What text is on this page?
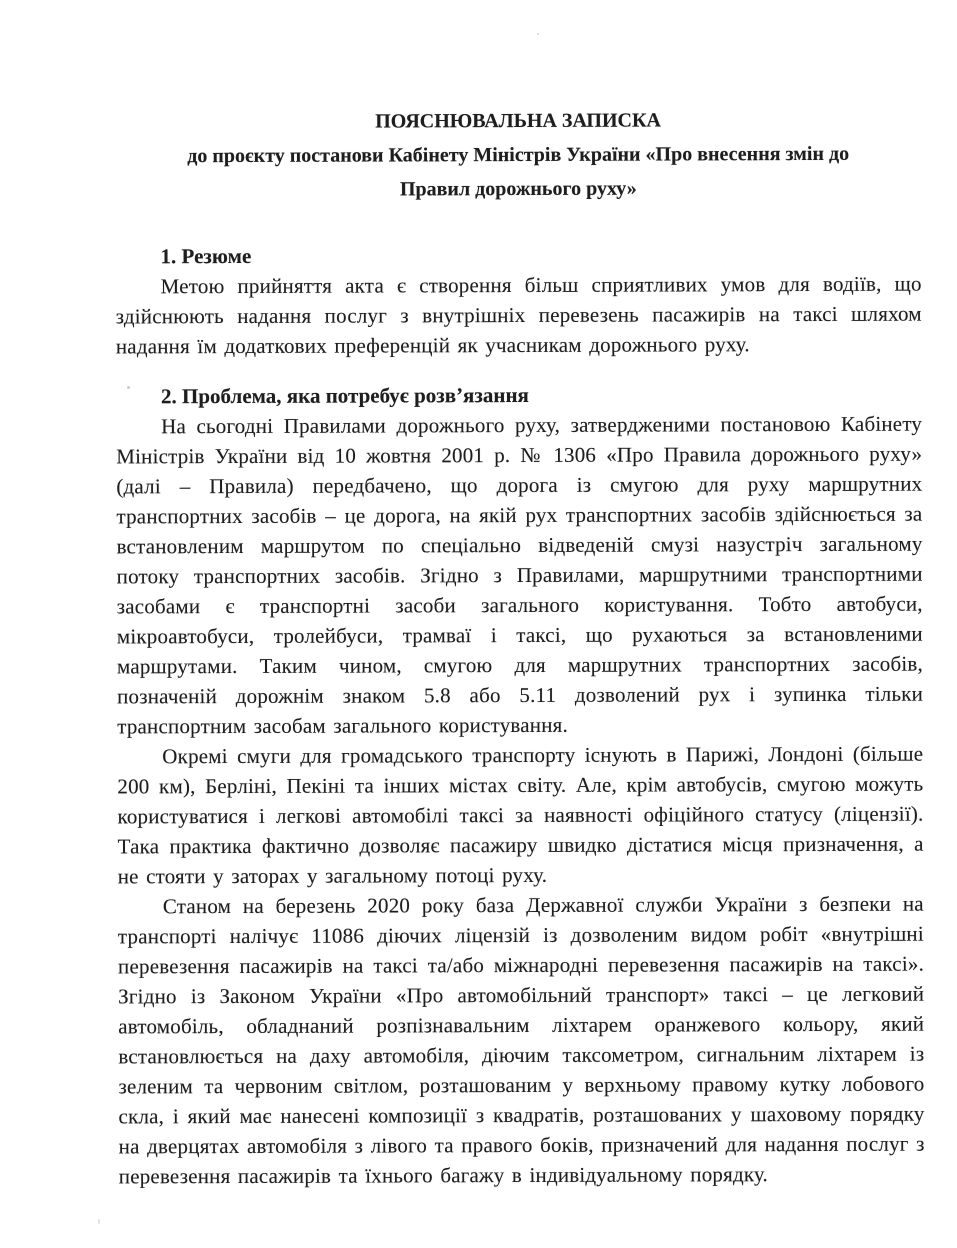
ПОЯСНЮВАЛЬНА ЗАПИСКА
до проєкту постанови Кабінету Міністрів України «Про внесення змін до
Правил дорожнього руху»
1. Резюме

Метою прийняття акта є створення більш сприятливих умов для водіїв, що здійснюють надання послуг з внутрішніх перевезень пасажирів на таксі шляхом надання їм додаткових преференцій як учасникам дорожнього руху.

2. Проблема, яка потребує розв’язання

На сьогодні Правилами дорожнього руху, затвердженими постановою Кабінету Міністрів України від 10 жовтня 2001 р. № 1306 «Про Правила дорожнього руху» (далі – Правила) передбачено, що дорога із смугою для руху маршрутних транспортних засобів – це дорога, на якій рух транспортних засобів здійснюється за встановленим маршрутом по спеціально відведеній смузі назустріч загальному потоку транспортних засобів. Згідно з Правилами, маршрутними транспортними засобами є транспортні засоби загального користування. Тобто автобуси, мікроавтобуси, тролейбуси, трамваї і таксі, що рухаються за встановленими маршрутами. Таким чином, смугою для маршрутних транспортних засобів, позначеній дорожнім знаком 5.8 або 5.11 дозволений рух і зупинка тільки транспортним засобам загального користування.

Окремі смуги для громадського транспорту існують в Парижі, Лондоні (більше 200 км), Берліні, Пекіні та інших містах світу. Але, крім автобусів, смугою можуть користуватися і легкові автомобілі таксі за наявності офіційного статусу (ліцензії). Така практика фактично дозволяє пасажиру швидко дістатися місця призначення, а не стояти у заторах у загальному потоці руху.

Станом на березень 2020 року база Державної служби України з безпеки на транспорті налічує 11086 діючих ліцензій із дозволеним видом робіт «внутрішні перевезення пасажирів на таксі та/або міжнародні перевезення пасажирів на таксі». Згідно із Законом України «Про автомобільний транспорт» таксі – це легковий автомобіль, обладнаний розпізнавальним ліхтарем оранжевого кольору, який встановлюється на даху автомобіля, діючим таксометром, сигнальним ліхтарем із зеленим та червоним світлом, розташованим у верхньому правому кутку лобового скла, і який має нанесені композиції з квадратів, розташованих у шаховому порядку на дверцятах автомобіля з лівого та правого боків, призначений для надання послуг з перевезення пасажирів та їхнього багажу в індивідуальному порядку.
